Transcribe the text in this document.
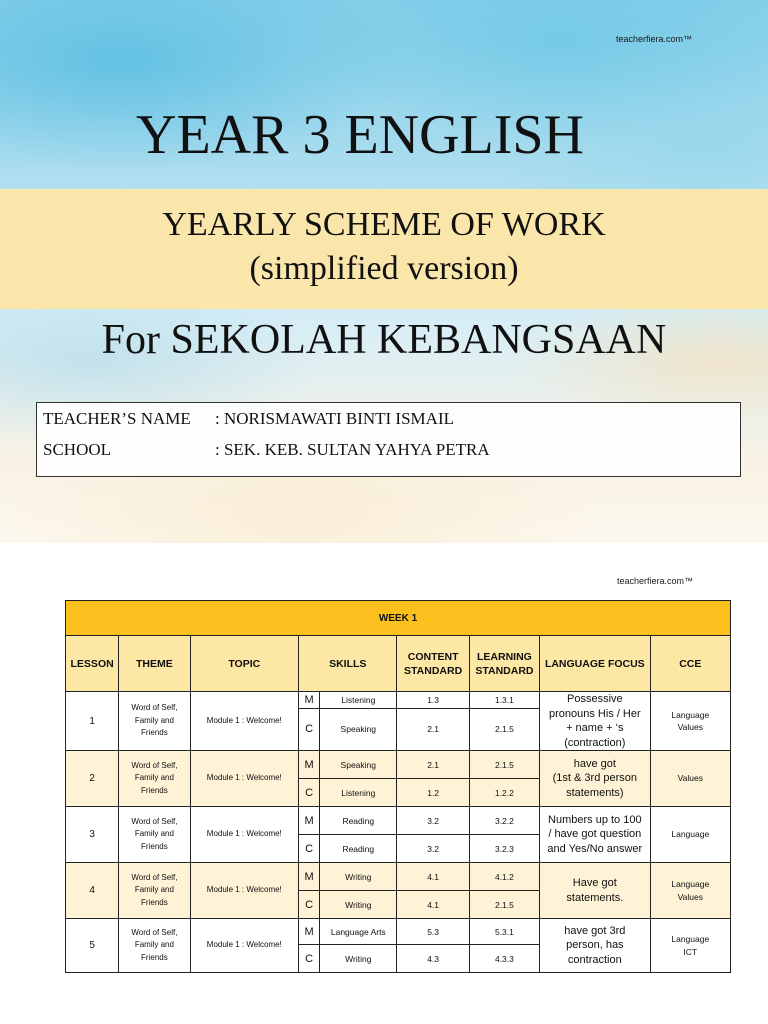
teacherfiera.com™
YEAR 3 ENGLISH
YEARLY SCHEME OF WORK
(simplified version)
For SEKOLAH KEBANGSAAN
TEACHER’S NAME : NORISMAWATI BINTI ISMAIL
SCHOOL	: SEK. KEB. SULTAN YAHYA PETRA
teacherfiera.com™
WEEK 1								
LESSON	THEME	TOPIC	SKILLS		CONTENT
STANDARD	LEARNING
STANDARD	LANGUAGE FOCUS	CCE
1	Word of Self,
Family and
Friends	Module 1 : Welcome!	M	Listening	1.3	1.3.1	Possessive
pronouns His / Her
+ name + ‘s
(contraction)	Language
Values
			C	Speaking	2.1	2.1.5		
2	Word of Self,
Family and
Friends	Module 1 : Welcome!	M	Speaking	2.1	2.1.5	have got
(1st & 3rd person
statements)	Values
			C	Listening	1.2	1.2.2		
3	Word of Self,
Family and
Friends	Module 1 : Welcome!	M	Reading	3.2	3.2.2	Numbers up to 100
/ have got question
and Yes/No answer	Language
			C	Reading	3.2	3.2.3		
4	Word of Self,
Family and
Friends	Module 1 : Welcome!	M	Writing	4.1	4.1.2	Have got
statements.	Language
Values
			C	Writing	4.1	2.1.5		
5	Word of Self,
Family and
Friends	Module 1 : Welcome!	M	Language Arts	5.3	5.3.1	have got 3rd
person, has
contraction	Language
ICT
			C	Writing	4.3	4.3.3		
